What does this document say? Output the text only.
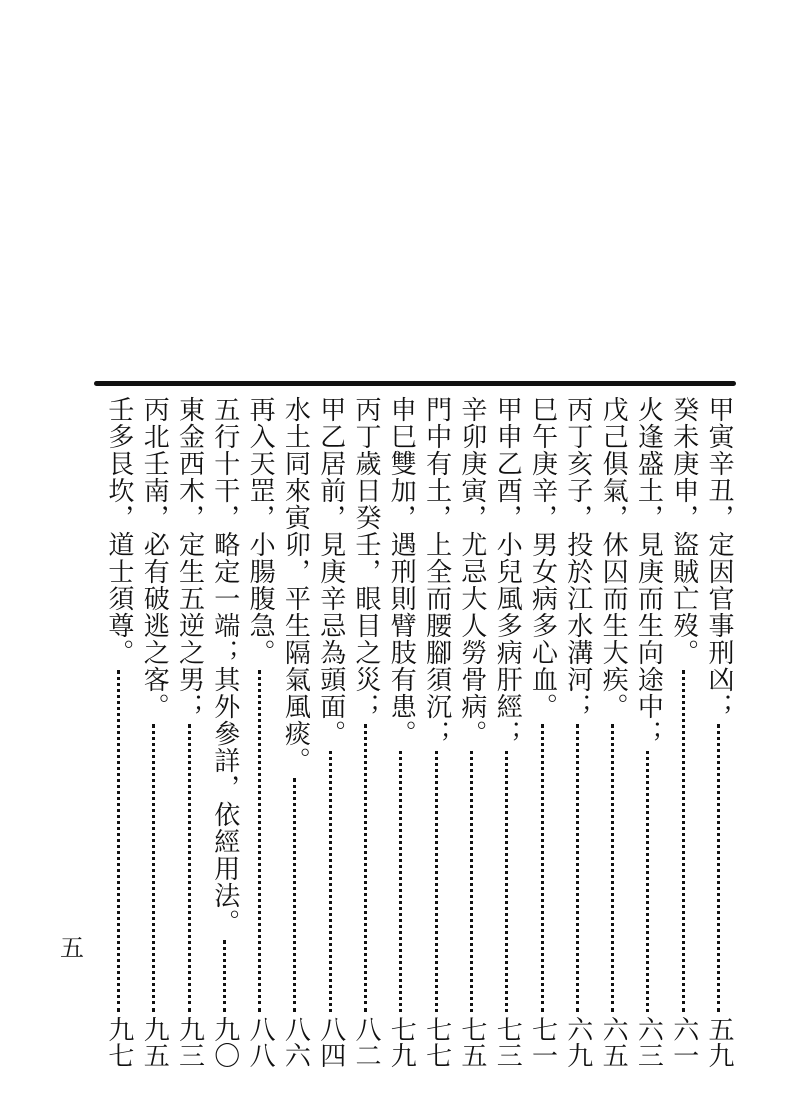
甲寅辛丑，定因官事刑凶；
五九
癸未庚申，盜賊亡歿。
六一
火逢盛土，見庚而生向途中；
六三
戊己俱氣，休囚而生大疾。
六五
丙丁亥子，投於江水溝河；
六九
巳午庚辛，男女病多心血。
七一
甲申乙酉，小兒風多病肝經；
七三
辛卯庚寅，尤忌大人勞骨病。
七五
門中有土，上全而腰腳須沉；
七七
申巳雙加，遇刑則臂肢有患。
七九
丙丁歲日癸壬，眼目之災；
八二
甲乙居前，見庚辛忌為頭面。
八四
水土同來寅卯，平生隔氣風痰。
八六
再入天罡，小腸腹急。
八八
五行十干，略定一端；其外參詳，依經用法。
九〇
東金西木，定生五逆之男；
九三
丙北壬南，必有破逃之客。
九五
壬多艮坎，道士須尊。
九七
五
